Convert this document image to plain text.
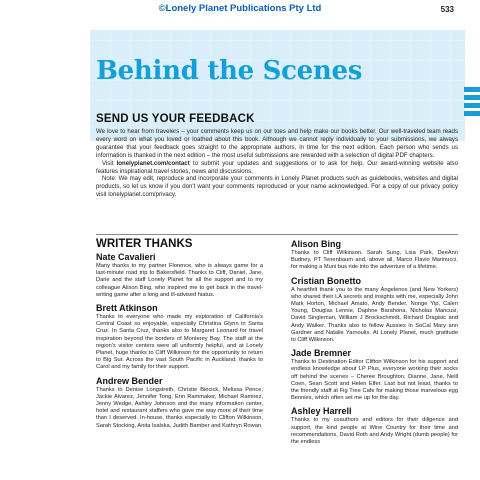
©Lonely Planet Publications Pty Ltd	533
Behind the Scenes
SEND US YOUR FEEDBACK

We love to hear from travelers – your comments keep us on our toes and help make our books better. Our well-traveled team reads every word on what you loved or loathed about this book. Although we cannot reply individually to your submissions, we always guarantee that your feedback goes straight to the appropriate authors, in time for the next edition. Each person who sends us information is thanked in the next edition – the most useful submissions are rewarded with a selection of digital PDF chapters.

Visit lonelyplanet.com/contact to submit your updates and suggestions or to ask for help. Our award-winning website also features inspirational travel stories, news and discussions.

Note: We may edit, reproduce and incorporate your comments in Lonely Planet products such as guidebooks, websites and digital products, so let us know if you don't want your comments reproduced or your name acknowledged. For a copy of our privacy policy visit lonelyplanet.com/privacy.

WRITER THANKS
Nate Cavalieri

Many thanks to my partner Florence, who is always game for a last-minute road trip to Bakersfield. Thanks to Cliff, Daniel, Jane, Darie and the staff Lonely Planet for all the support and to my colleague Alison Bing, who inspired me to get back in the travel-writing game after a long and ill-advised hiatus.

Brett Atkinson

Thanks to everyone who made my exploration of California's Central Coast so enjoyable, especially Christina Glynn in Santa Cruz. In Santa Cruz, thanks also to Margaret Leonard for travel inspiration beyond the borders of Monterey Bay. The staff at the region's visitor centers were all uniformly helpful, and at Lonely Planet, huge thanks to Cliff Wilkinson for the opportunity to return to Big Sur. Across the vast South Pacific in Auckland, thanks to Carol and my family for their support.

Andrew Bender

Thanks to Denise Longstreth, Christie Biecick, Melissa Pence, Jackie Alvarez, Jennifer Tong, Erin Rammaker, Michael Ramirez, Jenny Wedge, Ashley Johnson and the many information center, hotel and restaurant staffers who gave me way more of their time than I deserved. In-house, thanks especially to Clifton Wilkinson, Sarah Stocking, Anita Isalska, Judith Bamber and Kathryn Rowan.

Alison Bing

Thanks to Cliff Wilkinson, Sarah Sung, Lisa Park, DeeAnn Budney, PT Tenenbaum and, above all, Marco Flavio Marinucci, for making a Muni bus ride into the adventure of a lifetime.

Cristian Bonetto

A heartfelt thank you to the many Angelenos (and New Yorkers) who shared their LA secrets and insights with me, especially John Mark Horton, Michael Amato, Andy Bender, Nonge Yip, Calen Young, Douglas Lennie, Daphne Barahona, Nicholas Mancusi, David Singleman, William J Brockschmidt, Richard Dragisic and Andy Walker. Thanks also to fellow Aussies in SoCal Mary ann Gardner and Natalie Yarnoulis. At Lonely Planet, much gratitude to Cliff Wilkinson.

Jade Bremner

Thanks to Destination Editor Clifton Wilkinson for his support and endless knowledge about LP Plus, everyone working their socks off behind the scenes – Cheree Broughton, Dianne, Jane, Neill Coen, Sean Scott and Helen Elfer. Last but not least, thanks to the friendly staff at Fig Tree Cafe for making those marvelous egg Bennies, which often set me up for the day.

Ashley Harrell

Thanks to my coauthors and editors for their diligence and support, the kind people at Wine Country for their time and recommendations, David Roth and Andy Wright (dumb people) for the endless
